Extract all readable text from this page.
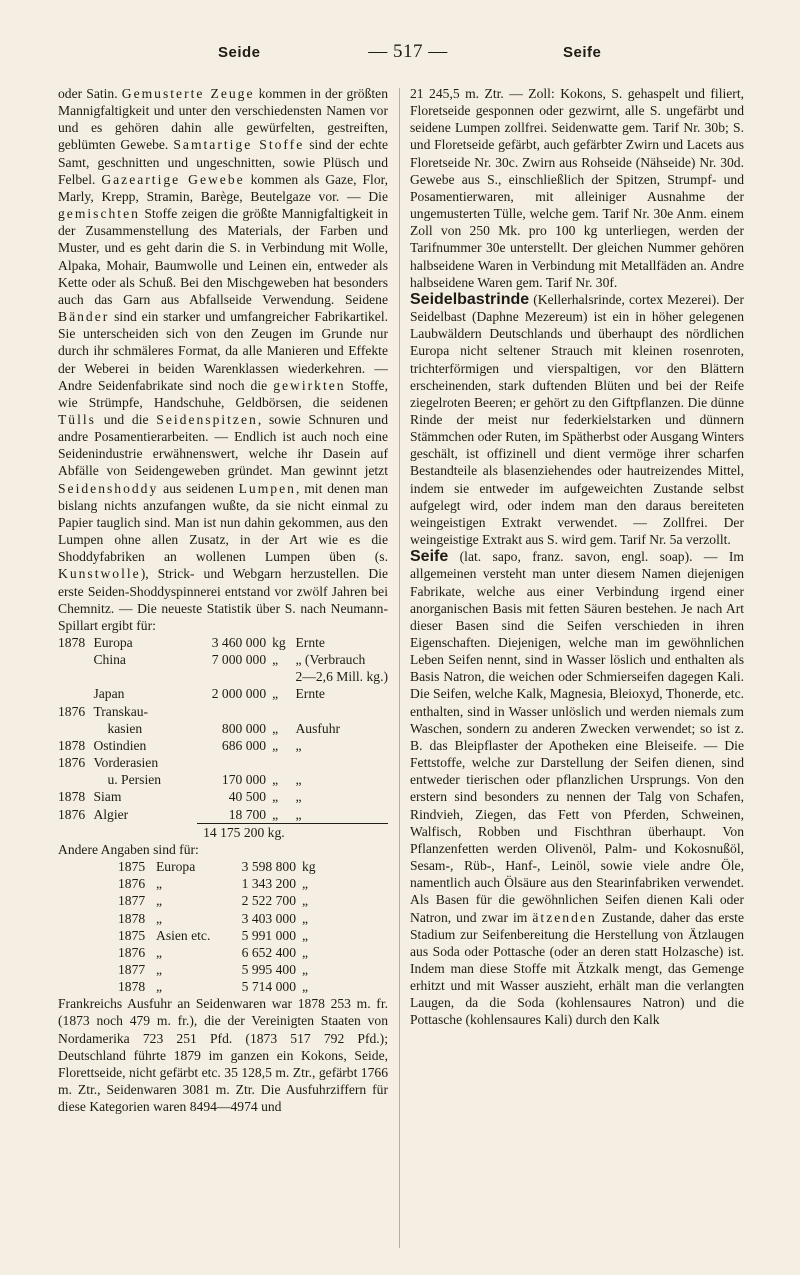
Seide	— 517 —	Seife

oder Satin. Gemusterte Zeuge kommen in der größten Mannigfaltigkeit und unter den verschiedensten Namen vor und es gehören dahin alle gewürfelten, gestreiften, geblümten Gewebe. Samtartige Stoffe sind der echte Samt, geschnitten und ungeschnitten, sowie Plüsch und Felbel. Gazeartige Gewebe kommen als Gaze, Flor, Marly, Krepp, Stramin, Barège, Beutelgaze vor. — Die gemischten Stoffe zeigen die größte Mannigfaltigkeit in der Zusammenstellung des Materials, der Farben und Muster, und es geht darin die S. in Verbindung mit Wolle, Alpaka, Mohair, Baumwolle und Leinen ein, entweder als Kette oder als Schuß. Bei den Mischgeweben hat besonders auch das Garn aus Abfallseide Verwendung. Seidene Bänder sind ein starker und umfangreicher Fabrikartikel. Sie unterscheiden sich von den Zeugen im Grunde nur durch ihr schmäleres Format, da alle Manieren und Effekte der Weberei in beiden Warenklassen wiederkehren. — Andre Seidenfabrikate sind noch die gewirkten Stoffe, wie Strümpfe, Handschuhe, Geldbörsen, die seidenen Tülls und die Seidenspitzen, sowie Schnuren und andre Posamentierarbeiten. — Endlich ist auch noch eine Seidenindustrie erwähnenswert, welche ihr Dasein auf Abfälle von Seidengeweben gründet. Man gewinnt jetzt Seidenshoddy aus seidenen Lumpen, mit denen man bislang nichts anzufangen wußte, da sie nicht einmal zu Papier tauglich sind. Man ist nun dahin gekommen, aus den Lumpen ohne allen Zusatz, in der Art wie es die Shoddyfabriken an wollenen Lumpen üben (s. Kunstwolle), Strick- und Webgarn herzustellen. Die erste Seiden-Shoddyspinnerei entstand vor zwölf Jahren bei Chemnitz. — Die neueste Statistik über S. nach Neumann-Spillart ergibt für:

1878	Europa	3 460 000	kg	Ernte
	China	7 000 000	„	„ (Verbrauch
				2—2,6 Mill. kg.)
	Japan	2 000 000	„	Ernte
1876	Transkau-			
	kasien	800 000	„	Ausfuhr
1878	Ostindien	686 000	„	„
1876	Vorderasien			
	u. Persien	170 000	„	„
1878	Siam	40 500	„	„
1876	Algier	18 700	„	„
		14 175 200 kg.		

Andere Angaben sind für:

1875	Europa	3 598 800	kg
1876	„	1 343 200	„
1877	„	2 522 700	„
1878	„	3 403 000	„
1875	Asien etc.	5 991 000	„
1876	„	6 652 400	„
1877	„	5 995 400	„
1878	„	5 714 000	„

Frankreichs Ausfuhr an Seidenwaren war 1878 253 m. fr. (1873 noch 479 m. fr.), die der Vereinigten Staaten von Nordamerika 723 251 Pfd. (1873 517 792 Pfd.); Deutschland führte 1879 im ganzen ein Kokons, Seide, Florettseide, nicht gefärbt etc. 35 128,5 m. Ztr., gefärbt 1766 m. Ztr., Seidenwaren 3081 m. Ztr. Die Ausfuhrziffern für diese Kategorien waren 8494—4974 und

21 245,5 m. Ztr. — Zoll: Kokons, S. gehaspelt und filiert, Floretseide gesponnen oder gezwirnt, alle S. ungefärbt und seidene Lumpen zollfrei. Seidenwatte gem. Tarif Nr. 30b; S. und Floretseide gefärbt, auch gefärbter Zwirn und Lacets aus Floretseide Nr. 30c. Zwirn aus Rohseide (Nähseide) Nr. 30d. Gewebe aus S., einschließlich der Spitzen, Strumpf- und Posamentierwaren, mit alleiniger Ausnahme der ungemusterten Tülle, welche gem. Tarif Nr. 30e Anm. einem Zoll von 250 Mk. pro 100 kg unterliegen, werden der Tarifnummer 30e unterstellt. Der gleichen Nummer gehören halbseidene Waren in Verbindung mit Metallfäden an. Andre halbseidene Waren gem. Tarif Nr. 30f.

Seidelbastrinde (Kellerhalsrinde, cortex Mezerei). Der Seidelbast (Daphne Mezereum) ist ein in höher gelegenen Laubwäldern Deutschlands und überhaupt des nördlichen Europa nicht seltener Strauch mit kleinen rosenroten, trichterförmigen und vierspaltigen, vor den Blättern erscheinenden, stark duftenden Blüten und bei der Reife ziegelroten Beeren; er gehört zu den Giftpflanzen. Die dünne Rinde der meist nur federkielstarken und dünnern Stämmchen oder Ruten, im Spätherbst oder Ausgang Winters geschält, ist offizinell und dient vermöge ihrer scharfen Bestandteile als blasenziehendes oder hautreizendes Mittel, indem sie entweder im aufgeweichten Zustande selbst aufgelegt wird, oder indem man den daraus bereiteten weingeistigen Extrakt verwendet. — Zollfrei. Der weingeistige Extrakt aus S. wird gem. Tarif Nr. 5a verzollt.

Seife (lat. sapo, franz. savon, engl. soap). — Im allgemeinen versteht man unter diesem Namen diejenigen Fabrikate, welche aus einer Verbindung irgend einer anorganischen Basis mit fetten Säuren bestehen. Je nach Art dieser Basen sind die Seifen verschieden in ihren Eigenschaften. Diejenigen, welche man im gewöhnlichen Leben Seifen nennt, sind in Wasser löslich und enthalten als Basis Natron, die weichen oder Schmierseifen dagegen Kali. Die Seifen, welche Kalk, Magnesia, Bleioxyd, Thonerde, etc. enthalten, sind in Wasser unlöslich und werden niemals zum Waschen, sondern zu anderen Zwecken verwendet; so ist z. B. das Bleipflaster der Apotheken eine Bleiseife. — Die Fettstoffe, welche zur Darstellung der Seifen dienen, sind entweder tierischen oder pflanzlichen Ursprungs. Von den erstern sind besonders zu nennen der Talg von Schafen, Rindvieh, Ziegen, das Fett von Pferden, Schweinen, Walfisch, Robben und Fischthran überhaupt. Von Pflanzenfetten werden Olivenöl, Palm- und Kokosnußöl, Sesam-, Rüb-, Hanf-, Leinöl, sowie viele andre Öle, namentlich auch Ölsäure aus den Stearinfabriken verwendet. Als Basen für die gewöhnlichen Seifen dienen Kali oder Natron, und zwar im ätzenden Zustande, daher das erste Stadium zur Seifenbereitung die Herstellung von Ätzlaugen aus Soda oder Pottasche (oder an deren statt Holzasche) ist. Indem man diese Stoffe mit Ätzkalk mengt, das Gemenge erhitzt und mit Wasser auszieht, erhält man die verlangten Laugen, da die Soda (kohlensaures Natron) und die Pottasche (kohlensaures Kali) durch den Kalk
